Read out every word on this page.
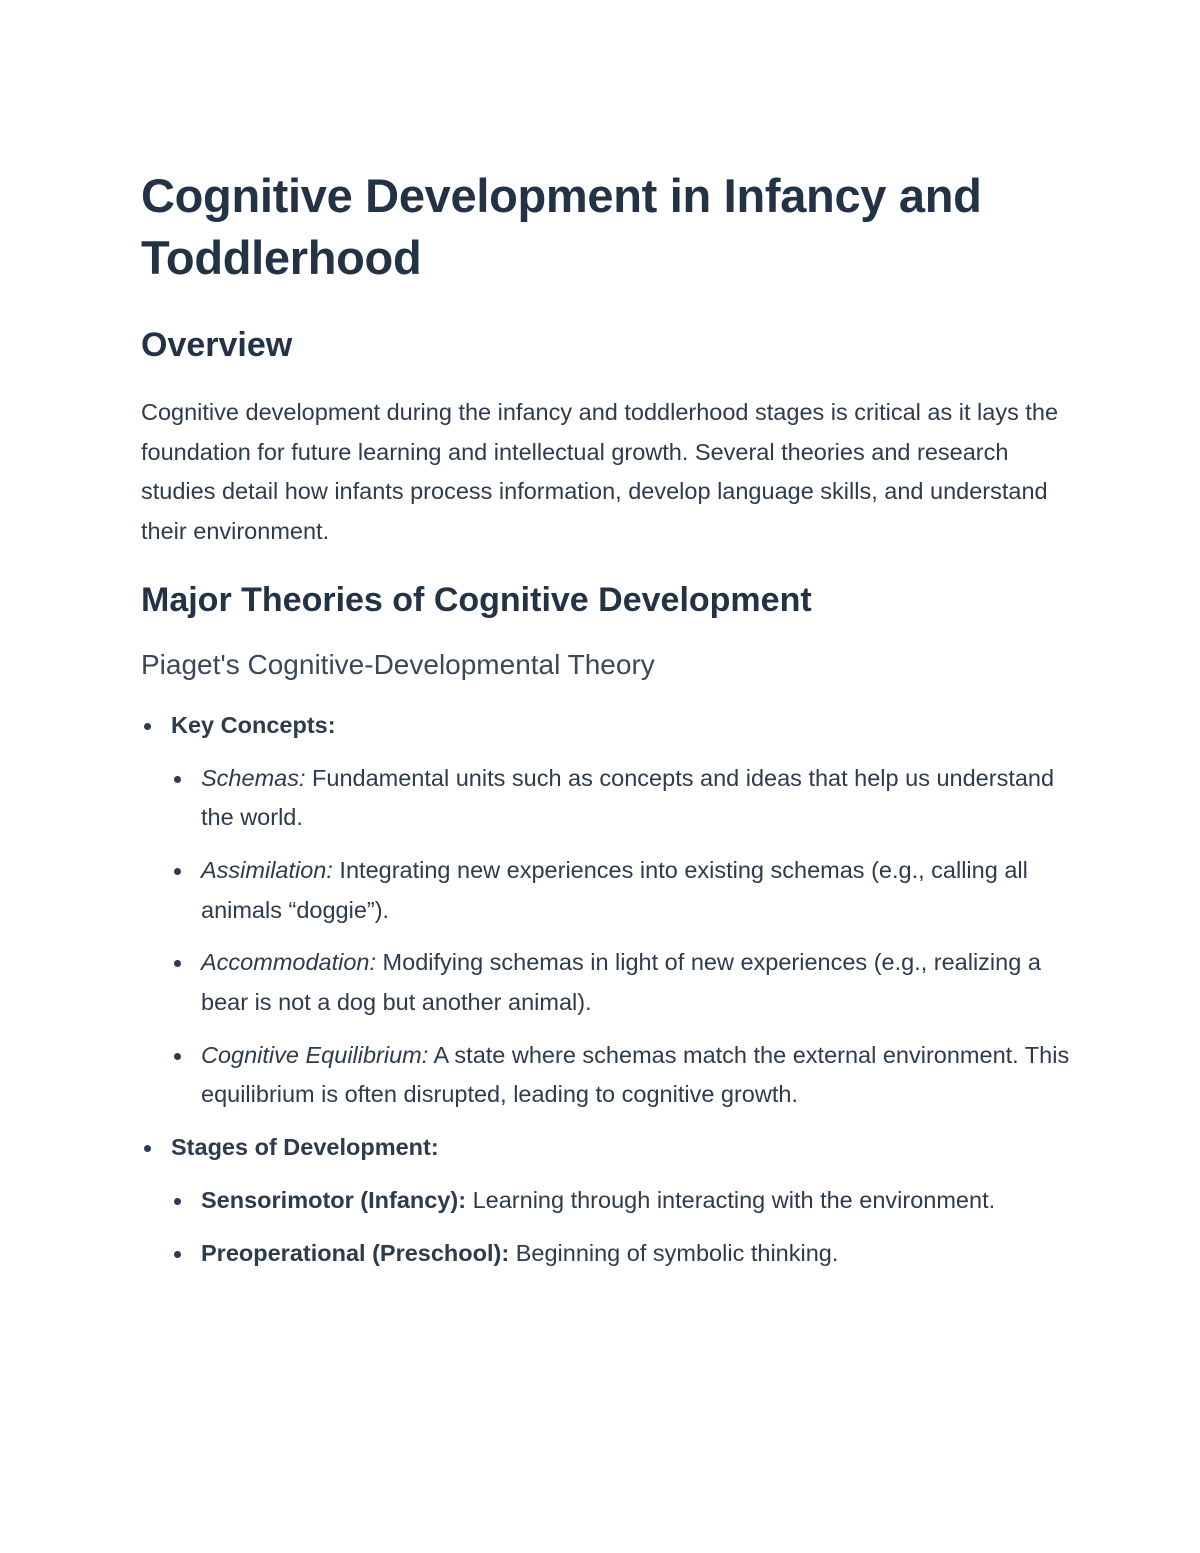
Cognitive Development in Infancy and Toddlerhood
Overview

Cognitive development during the infancy and toddlerhood stages is critical as it lays the foundation for future learning and intellectual growth. Several theories and research studies detail how infants process information, develop language skills, and understand their environment.

Major Theories of Cognitive Development
Piaget's Cognitive-Developmental Theory
Key Concepts:
Schemas: Fundamental units such as concepts and ideas that help us understand the world.
Assimilation: Integrating new experiences into existing schemas (e.g., calling all animals “doggie”).
Accommodation: Modifying schemas in light of new experiences (e.g., realizing a bear is not a dog but another animal).
Cognitive Equilibrium: A state where schemas match the external environment. This equilibrium is often disrupted, leading to cognitive growth.
Stages of Development:
Sensorimotor (Infancy): Learning through interacting with the environment.
Preoperational (Preschool): Beginning of symbolic thinking.
